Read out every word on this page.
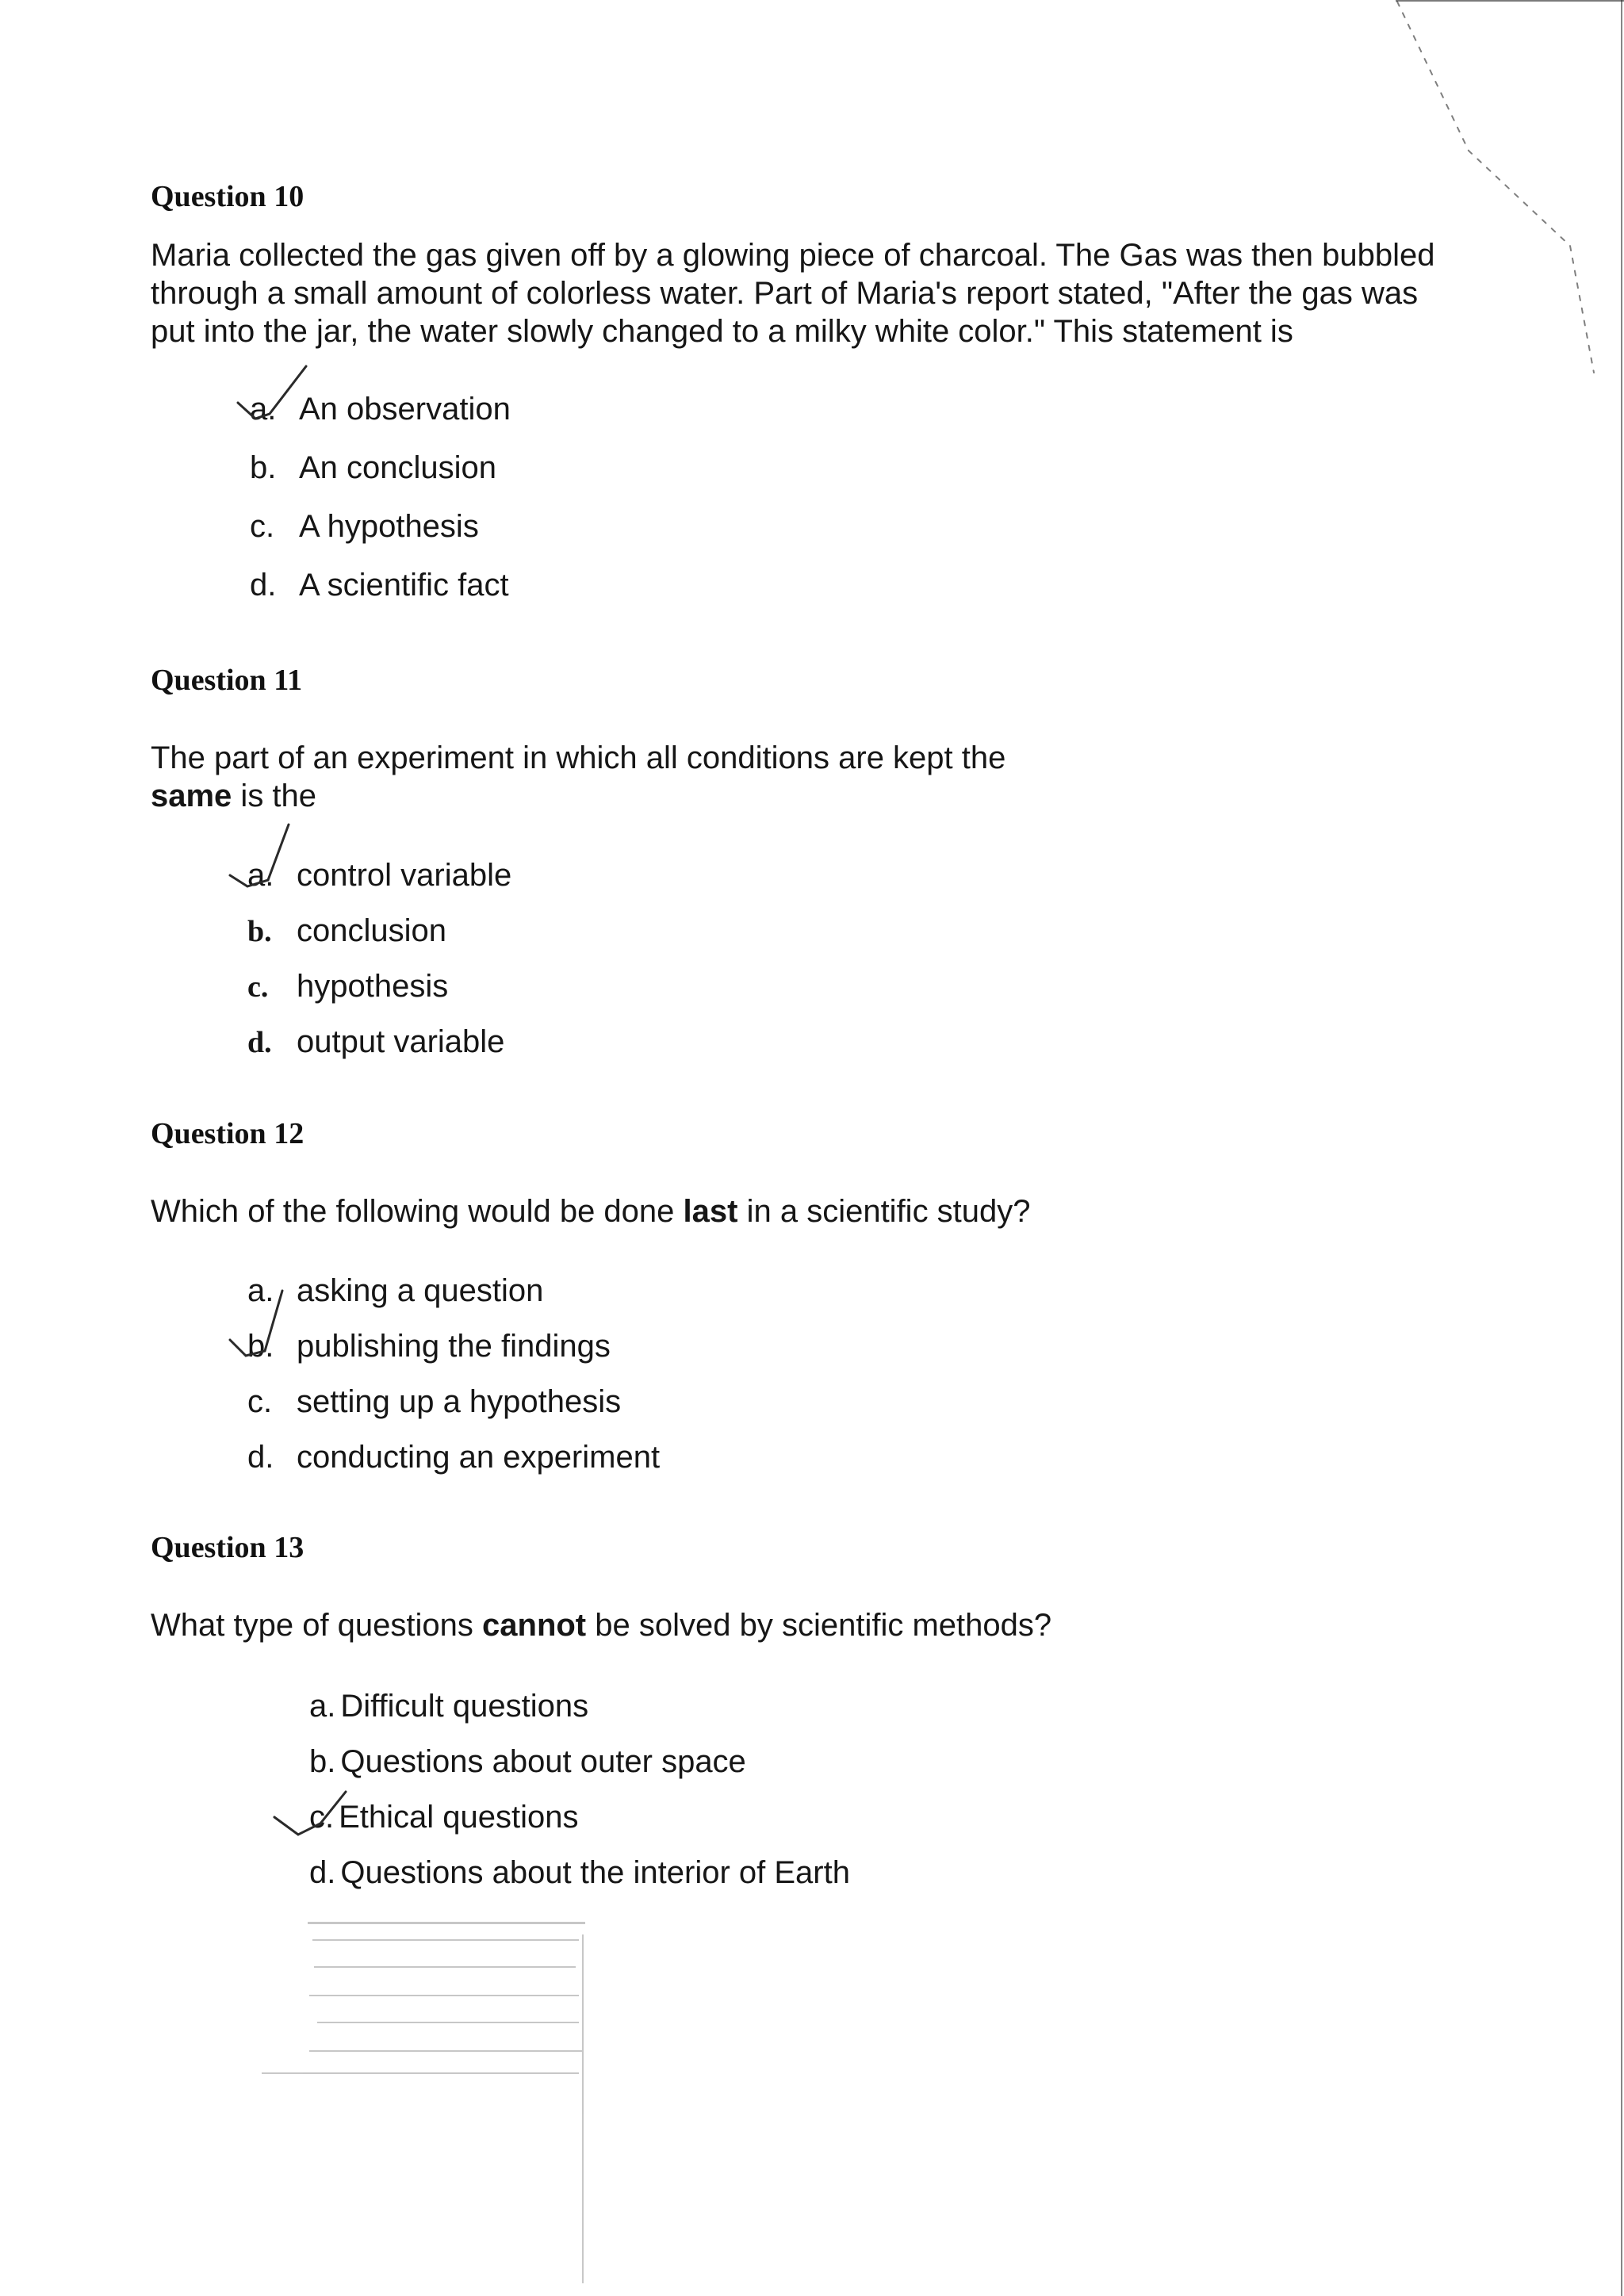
Question 10
Maria collected the gas given off by a glowing piece of charcoal. The Gas was then bubbled
through a small amount of colorless water. Part of Maria's report stated, "After the gas was
put into the jar, the water slowly changed to a milky white color." This statement is
a. An observation
b. An conclusion
c. A hypothesis
d. A scientific fact
Question 11
The part of an experiment in which all conditions are kept the
same is the
a. control variable
b. conclusion
c. hypothesis
d. output variable
Question 12
Which of the following would be done last in a scientific study?
a. asking a question
b. publishing the findings
c. setting up a hypothesis
d. conducting an experiment
Question 13
What type of questions cannot be solved by scientific methods?
a. Difficult questions
b. Questions about outer space
c. Ethical questions
d. Questions about the interior of Earth
